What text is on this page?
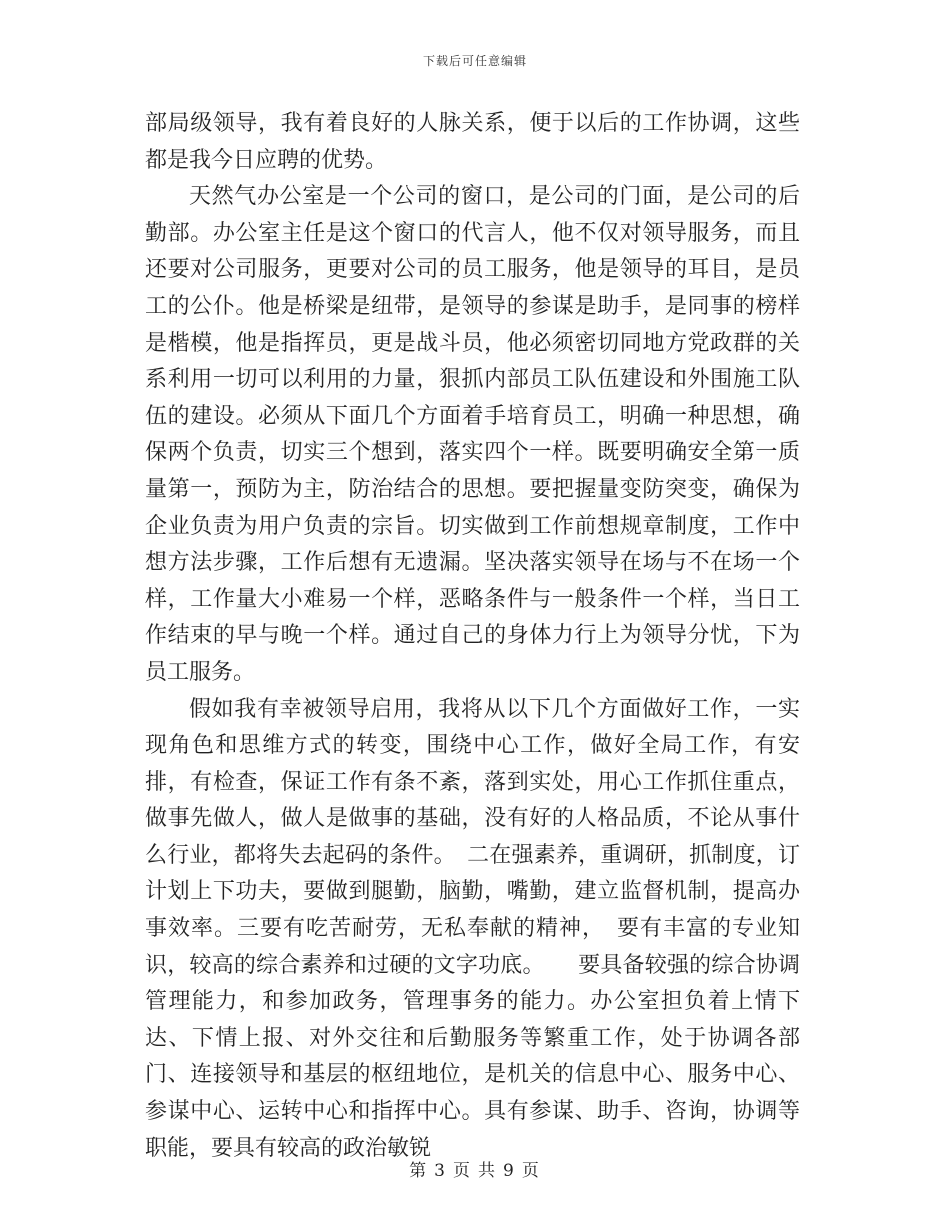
下载后可任意编辑

部局级领导，我有着良好的人脉关系，便于以后的工作协调，这些都是我今日应聘的优势。

天然气办公室是一个公司的窗口，是公司的门面，是公司的后勤部。办公室主任是这个窗口的代言人，他不仅对领导服务，而且还要对公司服务，更要对公司的员工服务，他是领导的耳目，是员工的公仆。他是桥梁是纽带，是领导的参谋是助手，是同事的榜样是楷模，他是指挥员，更是战斗员，他必须密切同地方党政群的关系利用一切可以利用的力量，狠抓内部员工队伍建设和外围施工队伍的建设。必须从下面几个方面着手培育员工，明确一种思想，确保两个负责，切实三个想到，落实四个一样。既要明确安全第一质量第一，预防为主，防治结合的思想。要把握量变防突变，确保为企业负责为用户负责的宗旨。切实做到工作前想规章制度，工作中想方法步骤，工作后想有无遗漏。坚决落实领导在场与不在场一个样，工作量大小难易一个样，恶略条件与一般条件一个样，当日工作结束的早与晚一个样。通过自己的身体力行上为领导分忧，下为员工服务。

假如我有幸被领导启用，我将从以下几个方面做好工作，一实现角色和思维方式的转变，围绕中心工作，做好全局工作，有安排，有检查，保证工作有条不紊，落到实处，用心工作抓住重点，做事先做人，做人是做事的基础，没有好的人格品质，不论从事什么行业，都将失去起码的条件。　二在强素养，重调研，抓制度，订计划上下功夫，要做到腿勤，脑勤，嘴勤，建立监督机制，提高办事效率。三要有吃苦耐劳，无私奉献的精神，　要有丰富的专业知识，较高的综合素养和过硬的文字功底。　　要具备较强的综合协调管理能力，和参加政务，管理事务的能力。办公室担负着上情下达、下情上报、对外交往和后勤服务等繁重工作，处于协调各部门、连接领导和基层的枢纽地位，是机关的信息中心、服务中心、参谋中心、运转中心和指挥中心。具有参谋、助手、咨询，协调等职能，要具有较高的政治敏锐

第 3 页 共 9 页
